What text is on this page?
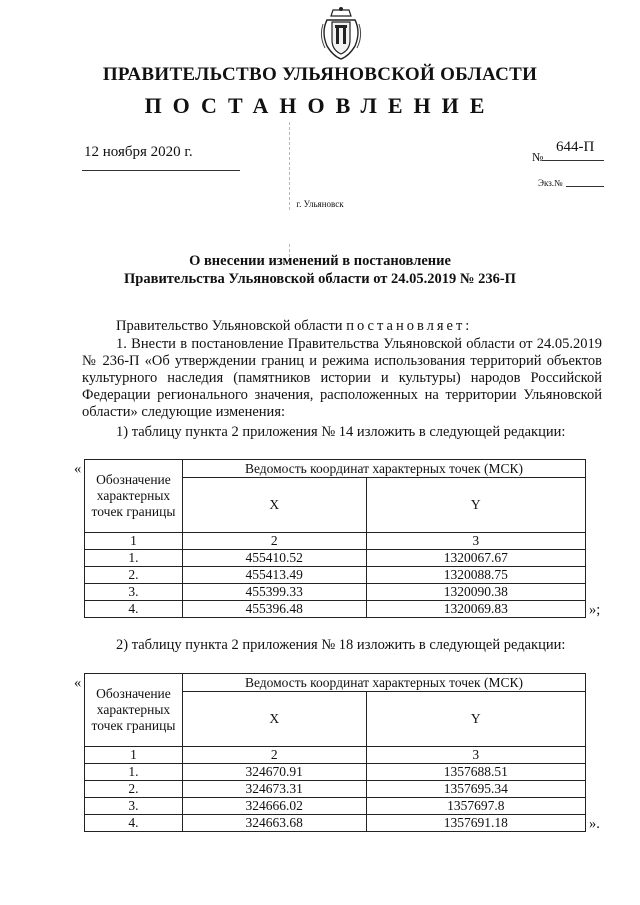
ПРАВИТЕЛЬСТВО УЛЬЯНОВСКОЙ ОБЛАСТИ
ПОСТАНОВЛЕНИЕ
12 ноября 2020 г.	№
644-П
Экз.№
г. Ульяновск
О внесении изменений в постановление
Правительства Ульяновской области от 24.05.2019 № 236-П
Правительство Ульяновской области постановляет:
1. Внести в постановление Правительства Ульяновской области от 24.05.2019 № 236-П «Об утверждении границ и режима использования территорий объектов культурного наследия (памятников истории и культуры) народов Российской Федерации регионального значения, расположенных на территории Ульяновской области» следующие изменения:
1) таблицу пункта 2 приложения № 14 изложить в следующей редакции:
«
Обозначение характерных точек границы	Ведомость координат характерных точек (МСК)	
	X	Y
1	2	3
1.	455410.52	1320067.67
2.	455413.49	1320088.75
3.	455399.33	1320090.38
4.	455396.48	1320069.83	»;
2) таблицу пункта 2 приложения № 18 изложить в следующей редакции:
«
Обозначение характерных точек границы	Ведомость координат характерных точек (МСК)	
	X	Y
1	2	3
1.	324670.91	1357688.51
2.	324673.31	1357695.34
3.	324666.02	1357697.8
4.	324663.68	1357691.18	».
